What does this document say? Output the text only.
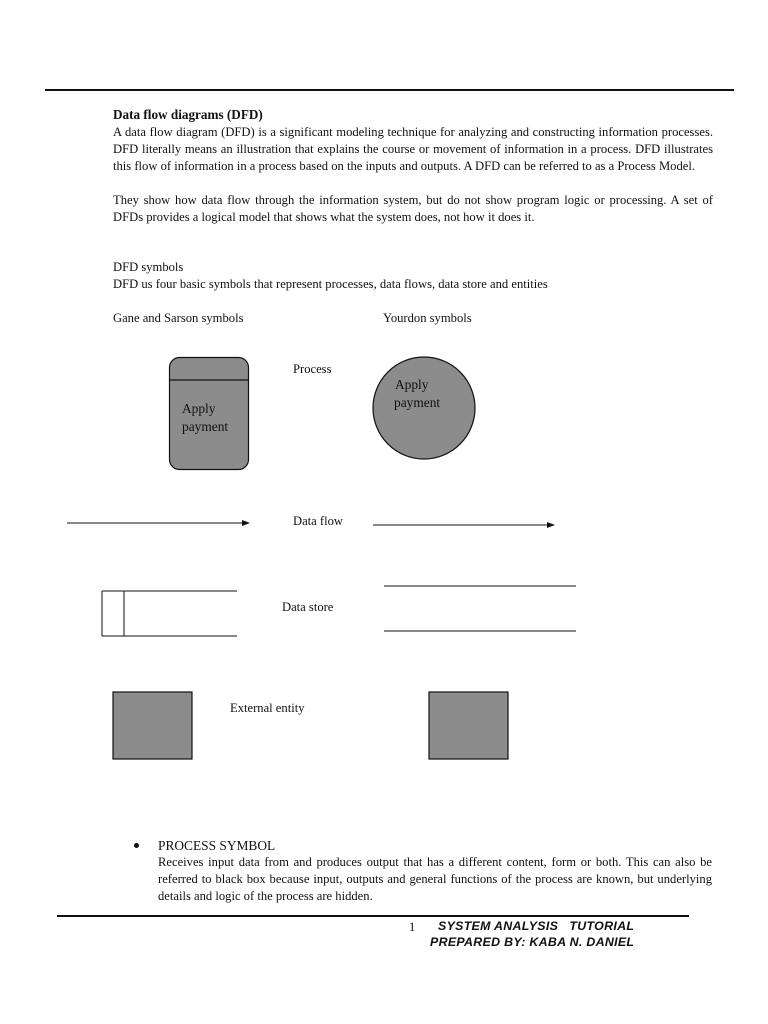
Data flow diagrams (DFD)

A data flow diagram (DFD) is a significant modeling technique for analyzing and constructing information processes. DFD literally means an illustration that explains the course or movement of information in a process. DFD illustrates this flow of information in a process based on the inputs and outputs. A DFD can be referred to as a Process Model.

They show how data flow through the information system, but do not show program logic or processing. A set of DFDs provides a logical model that shows what the system does, not how it does it.

DFD symbols
DFD us four basic symbols that represent processes, data flows, data store and entities
Gane and Sarson symbols	Yourdon symbols
Apply
payment
Apply
payment
Process
Data flow
Data store
External entity
PROCESS SYMBOL

Receives input data from and produces output that has a different content, form or both. This can also be referred to black box because input, outputs and general functions of the process are known, but underlying details and logic of the process are hidden.

1 SYSTEM ANALYSIS   TUTORIAL
PREPARED BY: KABA N. DANIEL
